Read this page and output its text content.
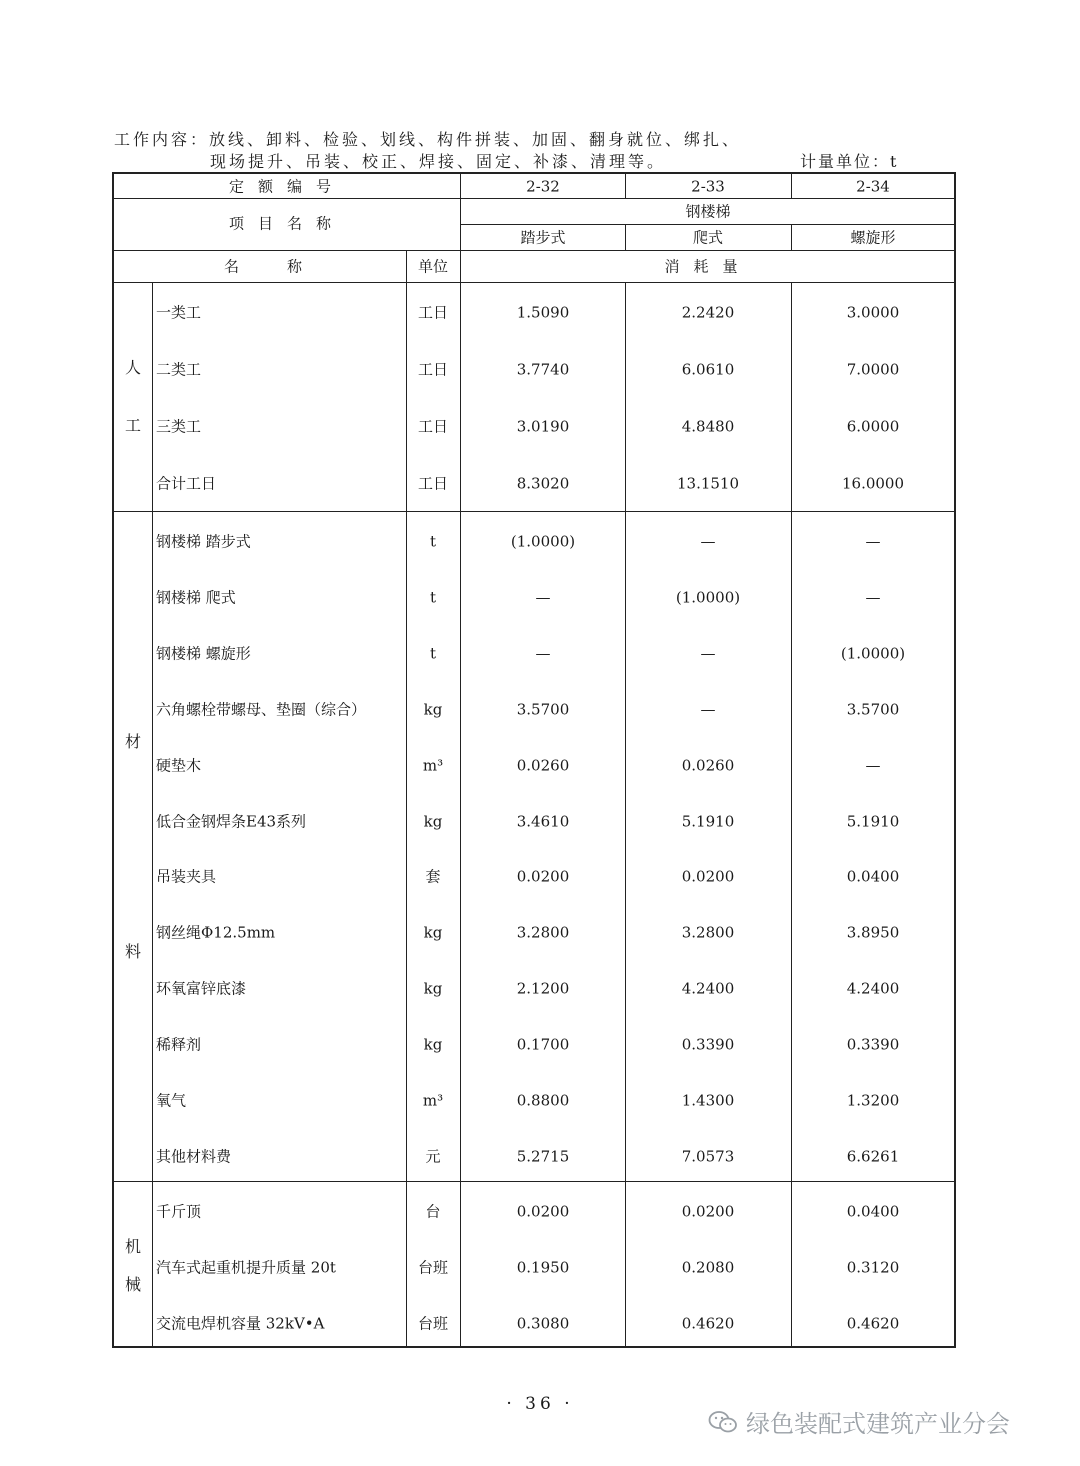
工作内容：放线、卸料、检验、划线、构件拼装、加固、翻身就位、绑扎、
现场提升、吊装、校正、焊接、固定、补漆、清理等。	计量单位：t
定额编号	2-32	2-33	2-34
项目名称
钢楼梯
踏步式	爬式	螺旋形
名称	单位	消耗量
人
工
材
料
机
械
一类工	工日	1.5090	2.2420	3.0000
二类工	工日	3.7740	6.0610	7.0000
三类工	工日	3.0190	4.8480	6.0000
合计工日	工日	8.3020	13.1510	16.0000
钢楼梯 踏步式	t	(1.0000)	—	—
钢楼梯 爬式	t	—	(1.0000)	—
钢楼梯 螺旋形	t	—	—	(1.0000)
六角螺栓带螺母、垫圈（综合）	kg	3.5700	—	3.5700
硬垫木	m³	0.0260	0.0260	—
低合金钢焊条E43系列	kg	3.4610	5.1910	5.1910
吊装夹具	套	0.0200	0.0200	0.0400
钢丝绳Φ12.5mm	kg	3.2800	3.2800	3.8950
环氧富锌底漆	kg	2.1200	4.2400	4.2400
稀释剂	kg	0.1700	0.3390	0.3390
氧气	m³	0.8800	1.4300	1.3200
其他材料费	元	5.2715	7.0573	6.6261
千斤顶	台	0.0200	0.0200	0.0400
汽车式起重机提升质量 20t	台班	0.1950	0.2080	0.3120
交流电焊机容量 32kV•A	台班	0.3080	0.4620	0.4620
· 36 ·
绿色装配式建筑产业分会
